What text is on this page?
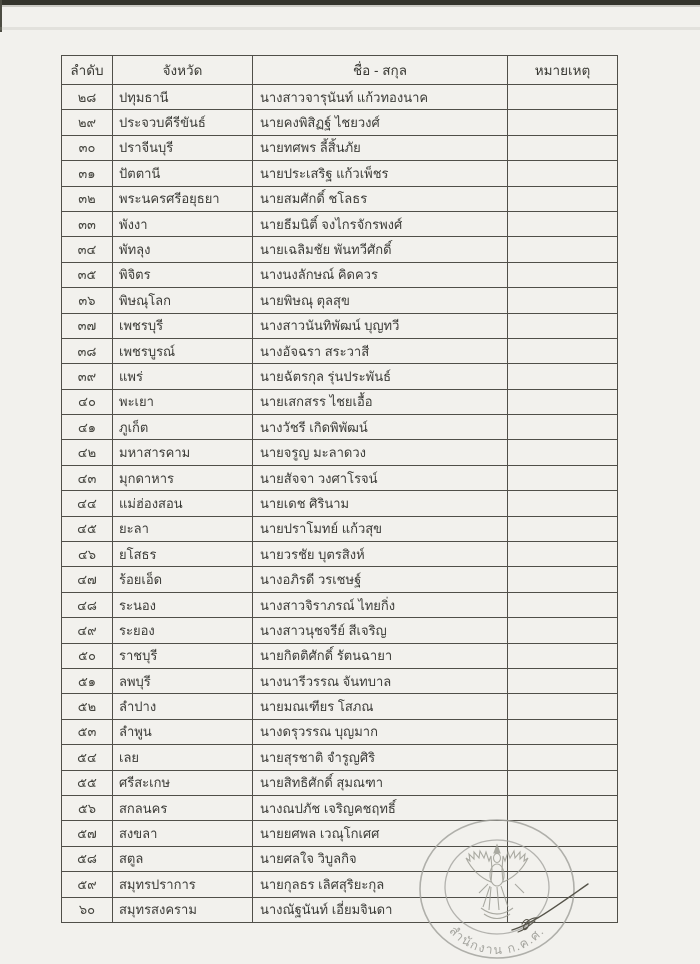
ลำดับ	จังหวัด	ชื่อ - สกุล	หมายเหตุ
๒๘	ปทุมธานี	นางสาวจารุนันท์ แก้วทองนาค	
๒๙	ประจวบคีรีขันธ์	นายคงพิสิฏฐ์ ไชยวงศ์	
๓๐	ปราจีนบุรี	นายทศพร ลี้สิ้นภัย	
๓๑	ปัตตานี	นายประเสริฐ แก้วเพ็ชร	
๓๒	พระนครศรีอยุธยา	นายสมศักดิ์ ชโลธร	
๓๓	พังงา	นายธีมนิติ์ จงไกรจักรพงศ์	
๓๔	พัทลุง	นายเฉลิมชัย พันทวีศักดิ์	
๓๕	พิจิตร	นางนงลักษณ์ คิดควร	
๓๖	พิษณุโลก	นายพิษณุ ตุลสุข	
๓๗	เพชรบุรี	นางสาวนันทิพัฒน์ บุญทวี	
๓๘	เพชรบูรณ์	นางอัจฉรา สระวาสี	
๓๙	แพร่	นายฉัตรกุล รุ่นประพันธ์	
๔๐	พะเยา	นายเสกสรร ไชยเอื้อ	
๔๑	ภูเก็ต	นางวัชรี เกิดพิพัฒน์	
๔๒	มหาสารคาม	นายจรูญ มะลาดวง	
๔๓	มุกดาหาร	นายสัจจา วงศาโรจน์	
๔๔	แม่ฮ่องสอน	นายเดช ศิรินาม	
๔๕	ยะลา	นายปราโมทย์ แก้วสุข	
๔๖	ยโสธร	นายวรชัย บุตรสิงห์	
๔๗	ร้อยเอ็ด	นางอภิรดี วรเชษฐ์	
๔๘	ระนอง	นางสาวจิราภรณ์ ไทยกิ่ง	
๔๙	ระยอง	นางสาวนุชจรีย์ สีเจริญ	
๕๐	ราชบุรี	นายกิตติศักดิ์ รัตนฉายา	
๕๑	ลพบุรี	นางนารีวรรณ จันทบาล	
๕๒	ลำปาง	นายมณเฑียร โสภณ	
๕๓	ลำพูน	นางดรุวรรณ บุญมาก	
๕๔	เลย	นายสุรชาติ จำรูญศิริ	
๕๕	ศรีสะเกษ	นายสิทธิศักดิ์ สุมณฑา	
๕๖	สกลนคร	นางณปภัช เจริญคชฤทธิ์	
๕๗	สงขลา	นายยศพล เวณุโกเศศ	
๕๘	สตูล	นายศลใจ วิบูลกิจ	
๕๙	สมุทรปราการ	นายกุลธร เลิศสุริยะกุล	
๖๐	สมุทรสงคราม	นางณัฐนันท์ เอี่ยมจินดา	
สำนักงาน ก.ค.ศ.
